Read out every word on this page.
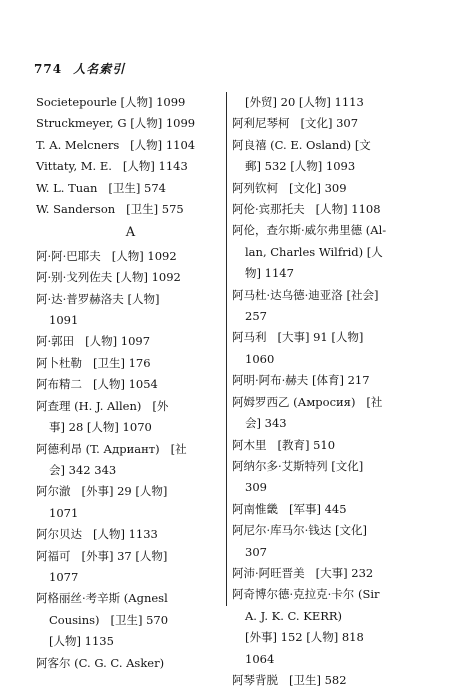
774 人名索引

Societepourle [人物] 1099

Struckmeyer, G [人物] 1099

T. A. Melcners   [人物] 1104

Vittaty, M. E.   [人物] 1143

W. L. Tuan   [卫生] 574

W. Sanderson   [卫生] 575

A

阿·阿·巴耶夫   [人物] 1092

阿·别·戈列佐夫 [人物] 1092

阿·达·普罗赫洛夫 [人物]

1091

阿·郭田   [人物] 1097

阿卜杜勒   [卫生] 176

阿布精二   [人物] 1054

阿查理 (H. J. Allen)   [外

事] 28 [人物] 1070

阿德利昂 (T. Адриант)   [社

会] 342 343

阿尔澈   [外事] 29 [人物]

1071

阿尔贝达   [人物] 1133

阿福可   [外事] 37 [人物]

1077

阿格丽丝·考辛斯 (Agnesl

Cousins)   [卫生] 570

[人物] 1135

阿客尔 (C. G. C. Asker)

[外贸] 20 [人物] 1113

阿利尼琴柯   [文化] 307

阿良禧 (C. E. Osland) [文

郵] 532 [人物] 1093

阿列钦柯   [文化] 309

阿伦·宾那托夫   [人物] 1108

阿伦，查尔斯·威尔弗里德 (Al-

lan, Charles Wilfrid) [人

物] 1147

阿马杜·达乌德·迪亚洛 [社会]

257

阿马利   [大事] 91 [人物]

1060

阿明·阿布·赫夫 [体育] 217

阿姆罗西乙 (Амросия)   [社

会] 343

阿木里   [教育] 510

阿纳尔多·艾斯特列 [文化]

309

阿南惟畿   [军事] 445

阿尼尔·库马尔·钱达 [文化]

307

阿沛·阿旺晋美   [大事] 232

阿奇博尔德·克拉克·卡尔 (Sir

A. J. K. C. KERR)

[外事] 152 [人物] 818

1064

阿琴背脱   [卫生] 582
